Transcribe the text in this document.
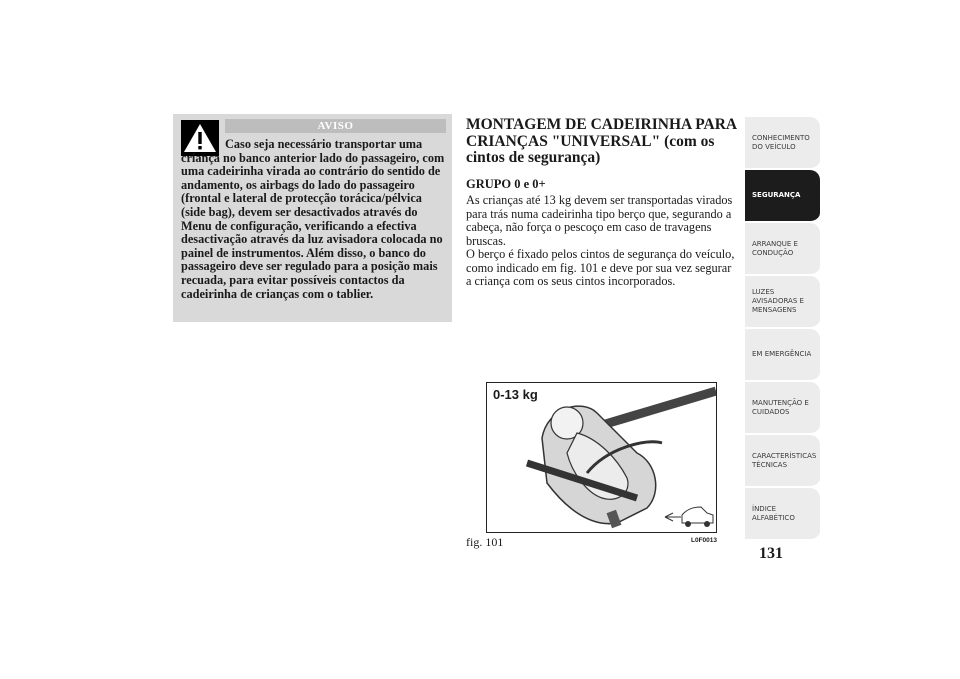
AVISO

Caso seja necessário transportar uma criança no banco anterior lado do passageiro, com uma cadeirinha virada ao contrário do sentido de andamento, os airbags do lado do passageiro (frontal e lateral de protecção torácica/pélvica (side bag), devem ser desactivados através do Menu de configuração, verificando a efectiva desactivação através da luz avisadora colocada no painel de instrumentos. Além disso, o banco do passageiro deve ser regulado para a posição mais recuada, para evitar possíveis contactos da cadeirinha de crianças com o tablier.

MONTAGEM DE CADEIRINHA PARA CRIANÇAS "UNIVERSAL" (com os cintos de segurança)

GRUPO 0 e 0+

As crianças até 13 kg devem ser transportadas virados para trás numa cadeirinha tipo berço que, segurando a cabeça, não força o pescoço em caso de travagens bruscas.

O berço é fixado pelos cintos de segurança do veículo, como indicado em fig. 101 e deve por sua vez segurar a criança com os seus cintos incorporados.

0-13 kg
fig. 101	L0F0013
CONHECIMENTO
DO VEÍCULO
SEGURANÇA
ARRANQUE E
CONDUÇÃO
LUZES
AVISADORAS E
MENSAGENS
EM EMERGÊNCIA
MANUTENÇÃO E
CUIDADOS
CARACTERÍSTICAS
TÉCNICAS
ÍNDICE
ALFABÉTICO
131
